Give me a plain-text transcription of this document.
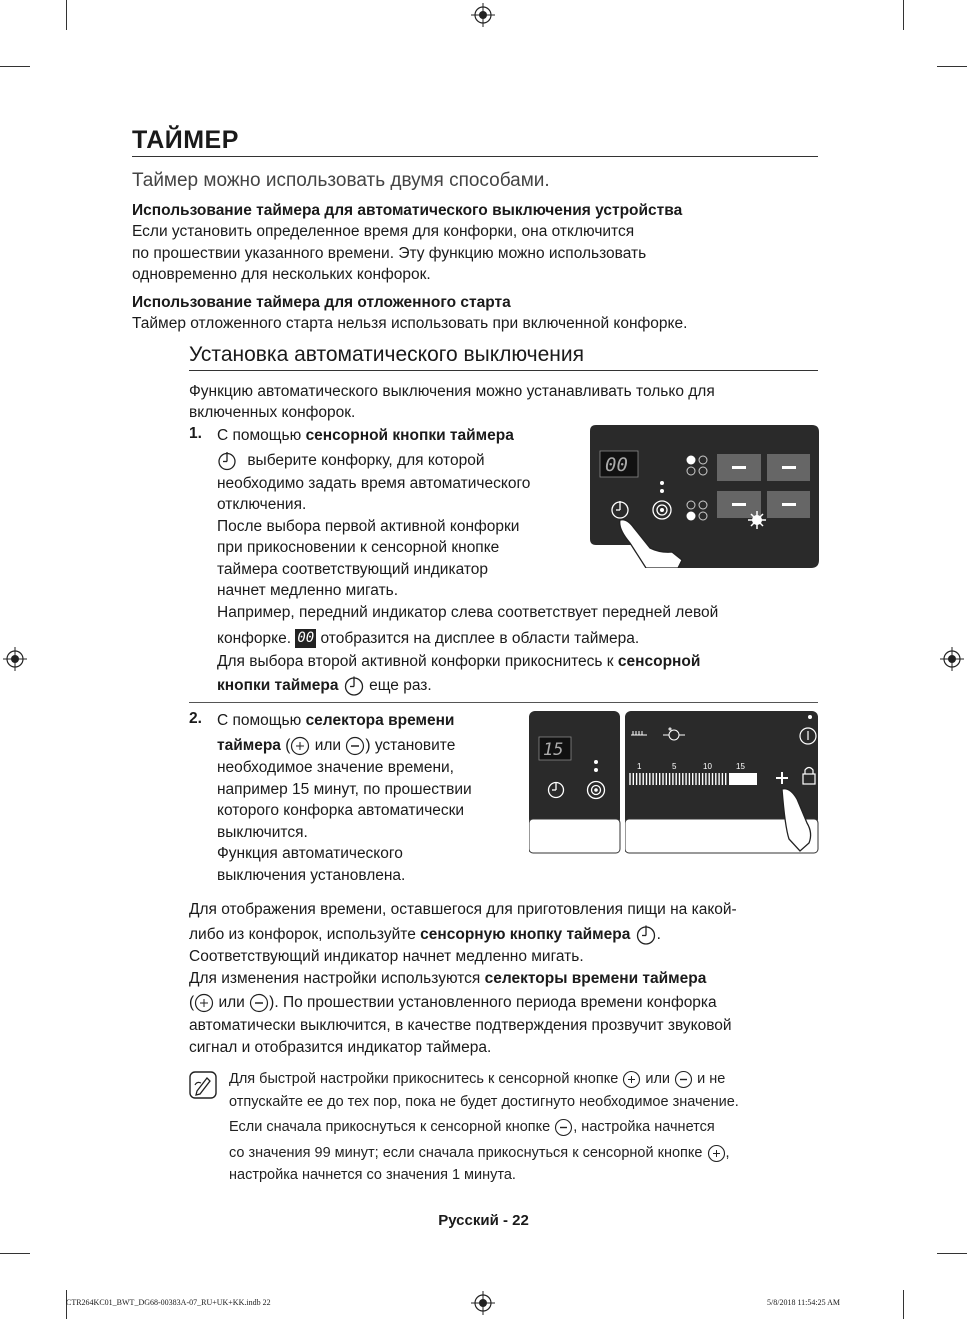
ТАЙМЕР
Таймер можно использовать двумя способами.
Использование таймера для автоматического выключения устройства
Если установить определенное время для конфорки, она отключится
по прошествии указанного времени. Эту функцию можно использовать
одновременно для нескольких конфорок.
Использование таймера для отложенного старта
Таймер отложенного старта нельзя использовать при включенной конфорке.
Установка автоматического выключения
Функцию автоматического выключения можно устанавливать только для
включенных конфорок.
1. С помощью сенсорной кнопки таймера
выберите конфорку, для которой
необходимо задать время автоматического
отключения.
После выбора первой активной конфорки
при прикосновении к сенсорной кнопке
таймера соответствующий индикатор
начнет медленно мигать.
Например, передний индикатор слева соответствует передней левой
конфорке. 00 отобразится на дисплее в области таймера.
Для выбора второй активной конфорки прикоснитесь к сенсорной
кнопки таймера еще раз.
00
2. С помощью селектора времени
таймера ( или ) установите
необходимое значение времени,
например 15 минут, по прошествии
которого конфорка автоматически
выключится.
Функция автоматического
выключения установлена.
15
1	5	10	15
Для отображения времени, оставшегося для приготовления пищи на какой-
либо из конфорок, используйте сенсорную кнопку таймера .
Соответствующий индикатор начнет медленно мигать.
Для изменения настройки используются селекторы времени таймера
( или ). По прошествии установленного периода времени конфорка
автоматически выключится, в качестве подтверждения прозвучит звуковой
сигнал и отобразится индикатор таймера.
Для быстрой настройки прикоснитесь к сенсорной кнопке или и не
отпускайте ее до тех пор, пока не будет достигнуто необходимое значение.
Если сначала прикоснуться к сенсорной кнопке , настройка начнется
со значения 99 минут; если сначала прикоснуться к сенсорной кнопке ,
настройка начнется со значения 1 минута.
Русский - 22
CTR264KC01_BWT_DG68-00383A-07_RU+UK+KK.indb 22	5/8/2018 11:54:25 AM
